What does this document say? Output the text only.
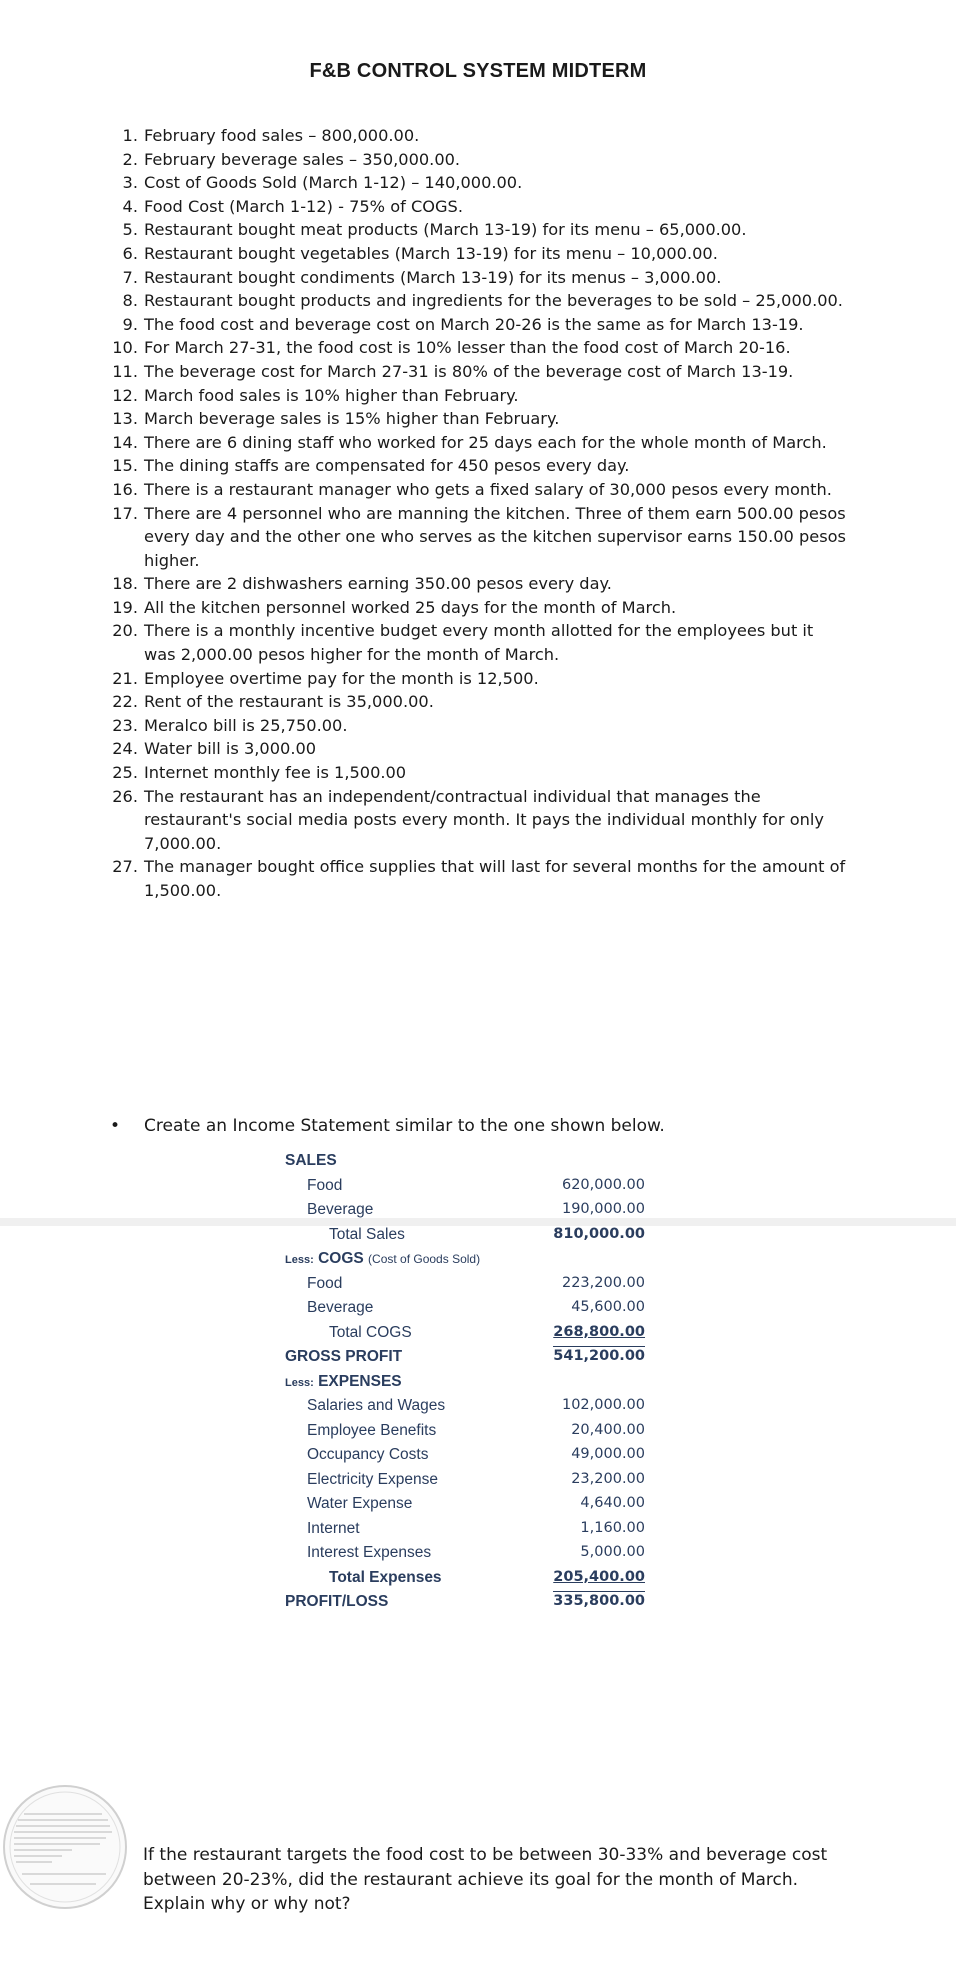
F&B CONTROL SYSTEM MIDTERM
1. February food sales – 800,000.00.
2. February beverage sales – 350,000.00.
3. Cost of Goods Sold (March 1-12) – 140,000.00.
4. Food Cost (March 1-12) - 75% of COGS.
5. Restaurant bought meat products (March 13-19) for its menu – 65,000.00.
6. Restaurant bought vegetables (March 13-19) for its menu – 10,000.00.
7. Restaurant bought condiments (March 13-19) for its menus – 3,000.00.
8. Restaurant bought products and ingredients for the beverages to be sold – 25,000.00.
9. The food cost and beverage cost on March 20-26 is the same as for March 13-19.
10. For March 27-31, the food cost is 10% lesser than the food cost of March 20-16.
11. The beverage cost for March 27-31 is 80% of the beverage cost of March 13-19.
12. March food sales is 10% higher than February.
13. March beverage sales is 15% higher than February.
14. There are 6 dining staff who worked for 25 days each for the whole month of March.
15. The dining staffs are compensated for 450 pesos every day.
16. There is a restaurant manager who gets a fixed salary of 30,000 pesos every month.
17. There are 4 personnel who are manning the kitchen. Three of them earn 500.00 pesos every day and the other one who serves as the kitchen supervisor earns 150.00 pesos higher.
18. There are 2 dishwashers earning 350.00 pesos every day.
19. All the kitchen personnel worked 25 days for the month of March.
20. There is a monthly incentive budget every month allotted for the employees but it was 2,000.00 pesos higher for the month of March.
21. Employee overtime pay for the month is 12,500.
22. Rent of the restaurant is 35,000.00.
23. Meralco bill is 25,750.00.
24. Water bill is 3,000.00
25. Internet monthly fee is 1,500.00
26. The restaurant has an independent/contractual individual that manages the restaurant's social media posts every month. It pays the individual monthly for only 7,000.00.
27. The manager bought office supplies that will last for several months for the amount of 1,500.00.
• Create an Income Statement similar to the one shown below.
SALES
Food	620,000.00
Beverage	190,000.00
Total Sales	810,000.00
Less: COGS (Cost of Goods Sold)
Food	223,200.00
Beverage	45,600.00
Total COGS	268,800.00
GROSS PROFIT	541,200.00
Less: EXPENSES
Salaries and Wages	102,000.00
Employee Benefits	20,400.00
Occupancy Costs	49,000.00
Electricity Expense	23,200.00
Water Expense	4,640.00
Internet	1,160.00
Interest Expenses	5,000.00
Total Expenses	205,400.00
PROFIT/LOSS	335,800.00
If the restaurant targets the food cost to be between 30-33% and beverage cost between 20-23%, did the restaurant achieve its goal for the month of March. Explain why or why not?
